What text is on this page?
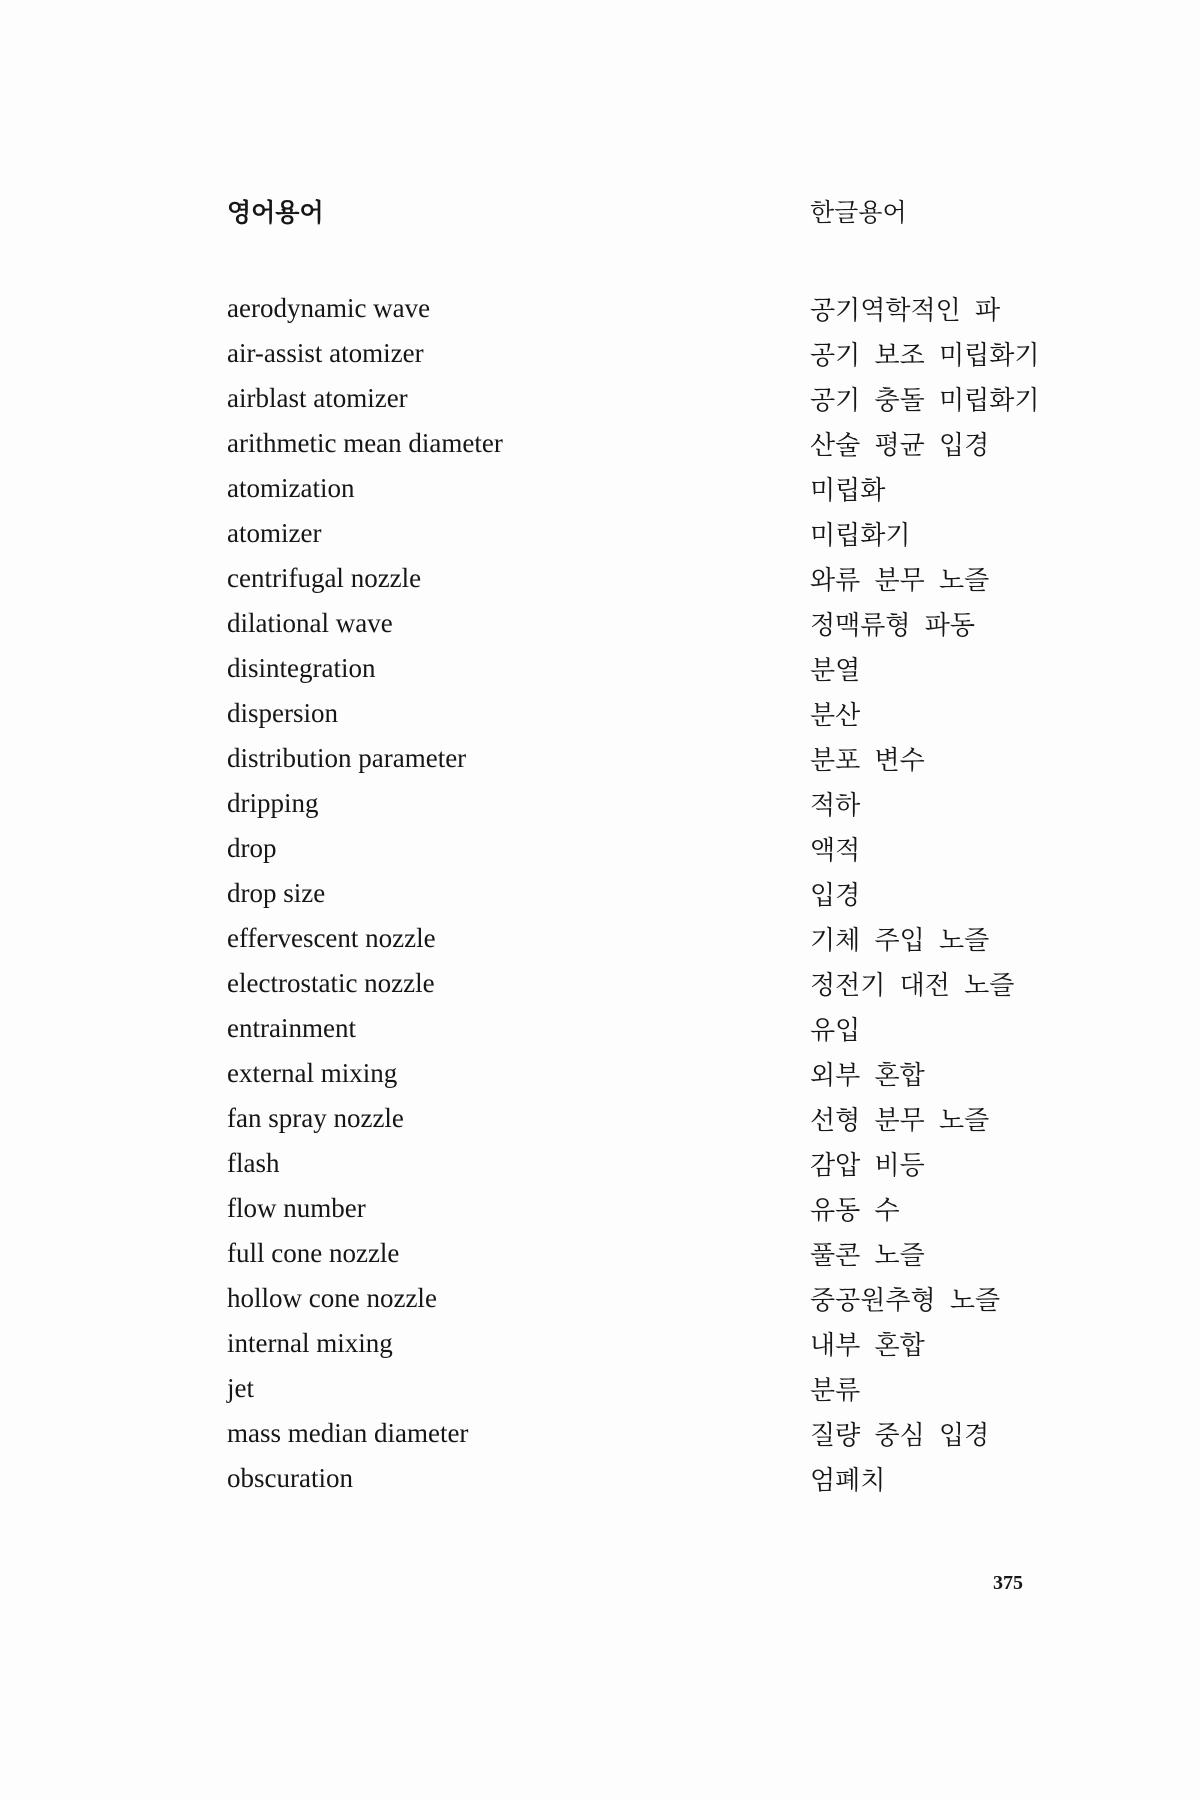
영어용어	한글용어
aerodynamic wave	공기역학적인 파
air-assist atomizer	공기 보조 미립화기
airblast atomizer	공기 충돌 미립화기
arithmetic mean diameter	산술 평균 입경
atomization	미립화
atomizer	미립화기
centrifugal nozzle	와류 분무 노즐
dilational wave	정맥류형 파동
disintegration	분열
dispersion	분산
distribution parameter	분포 변수
dripping	적하
drop	액적
drop size	입경
effervescent nozzle	기체 주입 노즐
electrostatic nozzle	정전기 대전 노즐
entrainment	유입
external mixing	외부 혼합
fan spray nozzle	선형 분무 노즐
flash	감압 비등
flow number	유동 수
full cone nozzle	풀콘 노즐
hollow cone nozzle	중공원추형 노즐
internal mixing	내부 혼합
jet	분류
mass median diameter	질량 중심 입경
obscuration	엄폐치
375
